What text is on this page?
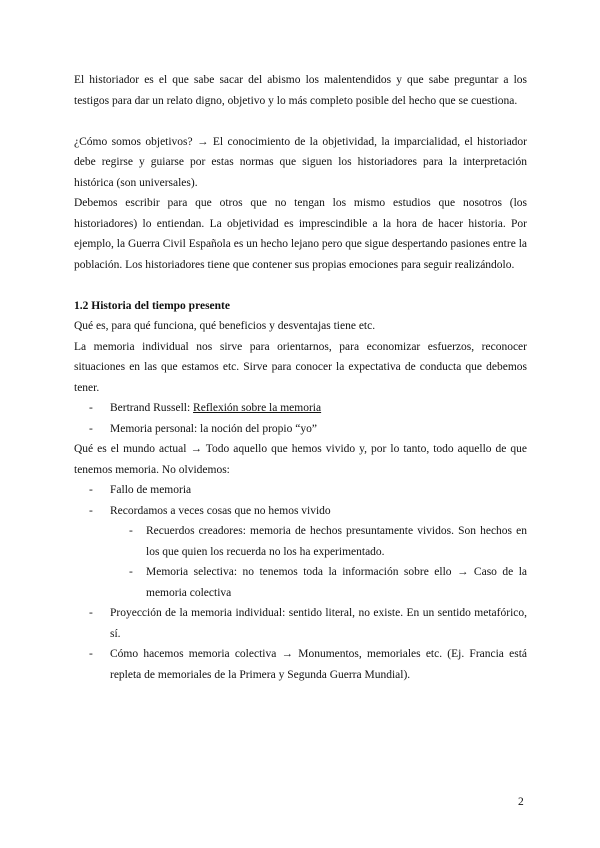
El historiador es el que sabe sacar del abismo los malentendidos y que sabe preguntar a los testigos para dar un relato digno, objetivo y lo más completo posible del hecho que se cuestiona.

¿Cómo somos objetivos? → El conocimiento de la objetividad, la imparcialidad, el historiador debe regirse y guiarse por estas normas que siguen los historiadores para la interpretación histórica (son universales).

Debemos escribir para que otros que no tengan los mismo estudios que nosotros (los historiadores) lo entiendan. La objetividad es imprescindible a la hora de hacer historia. Por ejemplo, la Guerra Civil Española es un hecho lejano pero que sigue despertando pasiones entre la población. Los historiadores tiene que contener sus propias emociones para seguir realizándolo.

1.2 Historia del tiempo presente

Qué es, para qué funciona, qué beneficios y desventajas tiene etc.

La memoria individual nos sirve para orientarnos, para economizar esfuerzos, reconocer situaciones en las que estamos etc. Sirve para conocer la expectativa de conducta que debemos tener.

- Bertrand Russell: Reflexión sobre la memoria
- Memoria personal: la noción del propio “yo”

Qué es el mundo actual → Todo aquello que hemos vivido y, por lo tanto, todo aquello de que tenemos memoria. No olvidemos:

- Fallo de memoria
- Recordamos a veces cosas que no hemos vivido
- Recuerdos creadores: memoria de hechos presuntamente vividos. Son hechos en los que quien los recuerda no los ha experimentado.
- Memoria selectiva: no tenemos toda la información sobre ello → Caso de la memoria colectiva
- Proyección de la memoria individual: sentido literal, no existe. En un sentido metafórico, sí.
- Cómo hacemos memoria colectiva → Monumentos, memoriales etc. (Ej. Francia está repleta de memoriales de la Primera y Segunda Guerra Mundial).
2
